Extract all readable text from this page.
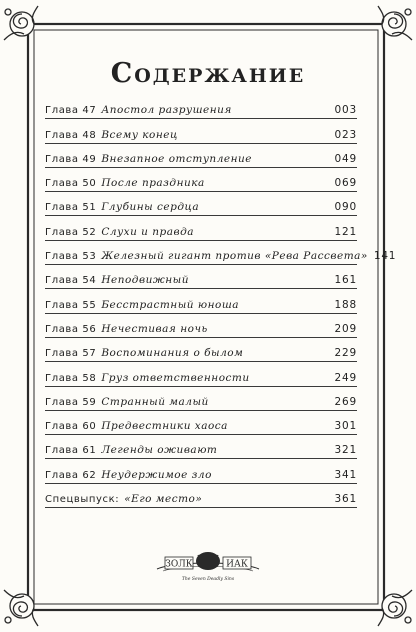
Содержание
Глава 47 Апостол разрушения	003
Глава 48 Всему конец	023
Глава 49 Внезапное отступление	049
Глава 50 После праздника	069
Глава 51 Глубины сердца	090
Глава 52 Слухи и правда	121
Глава 53 Железный гигант против «Рева Рассвета» 141
Глава 54 Неподвижный	161
Глава 55 Бесстрастный юноша	188
Глава 56 Нечестивая ночь	209
Глава 57 Воспоминания о былом	229
Глава 58 Груз ответственности	249
Глава 59 Странный малый	269
Глава 60 Предвестники хаоса	301
Глава 61 Легенды оживают	321
Глава 62 Неудержимое зло	341
Спецвыпуск: «Его место»	361
ЗОЛК	ИАК
The Seven Deadly Sins
